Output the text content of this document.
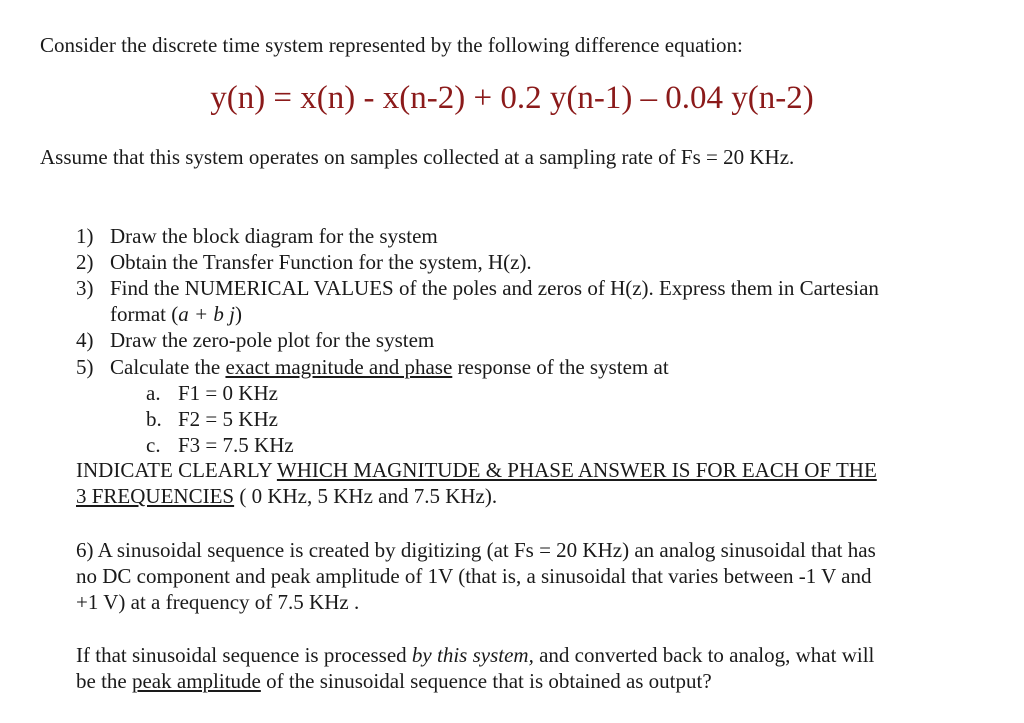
Consider the discrete time system represented by the following difference equation:
y(n) = x(n) - x(n-2) + 0.2 y(n-1) – 0.04 y(n-2)
Assume that this system operates on samples collected at a sampling rate of Fs = 20 KHz.
1) Draw the block diagram for the system
2) Obtain the Transfer Function for the system, H(z).
3) Find the NUMERICAL VALUES of the poles and zeros of H(z). Express them in Cartesian
format (a + b j)
4) Draw the zero-pole plot for the system
5) Calculate the exact magnitude and phase response of the system at
a. F1 = 0 KHz
b. F2 = 5 KHz
c. F3 = 7.5 KHz
INDICATE CLEARLY WHICH MAGNITUDE & PHASE ANSWER IS FOR EACH OF THE
3 FREQUENCIES ( 0 KHz, 5 KHz and 7.5 KHz).
6) A sinusoidal sequence is created by digitizing (at Fs = 20 KHz) an analog sinusoidal that has
no DC component and peak amplitude of 1V (that is, a sinusoidal that varies between -1 V and
+1 V) at a frequency of 7.5 KHz .
If that sinusoidal sequence is processed by this system, and converted back to analog, what will
be the peak amplitude of the sinusoidal sequence that is obtained as output?
